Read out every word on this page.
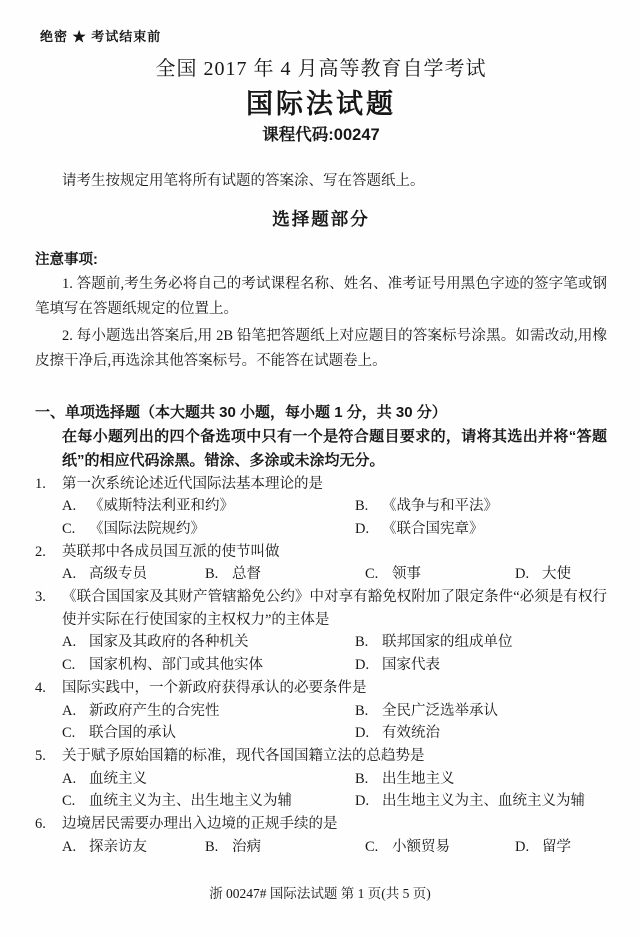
绝密 ★ 考试结束前
全国 2017 年 4 月高等教育自学考试
国际法试题
课程代码:00247

请考生按规定用笔将所有试题的答案涂、写在答题纸上。

选择题部分
注意事项:

1. 答题前,考生务必将自己的考试课程名称、姓名、准考证号用黑色字迹的签字笔或钢笔填写在答题纸规定的位置上。

2. 每小题选出答案后,用 2B 铅笔把答题纸上对应题目的答案标号涂黑。如需改动,用橡皮擦干净后,再选涂其他答案标号。不能答在试题卷上。

一、单项选择题（本大题共 30 小题，每小题 1 分，共 30 分）
在每小题列出的四个备选项中只有一个是符合题目要求的，请将其选出并将“答题纸”的相应代码涂黑。错涂、多涂或未涂均无分。
1. 第一次系统论述近代国际法基本理论的是
A. 《威斯特法利亚和约》	B. 《战争与和平法》
C. 《国际法院规约》	D. 《联合国宪章》
2. 英联邦中各成员国互派的使节叫做
A. 高级专员	B. 总督	C. 领事	D. 大使
3. 《联合国国家及其财产管辖豁免公约》中对享有豁免权附加了限定条件“必须是有权行使并实际在行使国家的主权权力”的主体是
A. 国家及其政府的各种机关	B. 联邦国家的组成单位
C. 国家机构、部门或其他实体	D. 国家代表
4. 国际实践中，一个新政府获得承认的必要条件是
A. 新政府产生的合宪性	B. 全民广泛选举承认
C. 联合国的承认	D. 有效统治
5. 关于赋予原始国籍的标准，现代各国国籍立法的总趋势是
A. 血统主义	B. 出生地主义
C. 血统主义为主、出生地主义为辅	D. 出生地主义为主、血统主义为辅
6. 边境居民需要办理出入边境的正规手续的是
A. 探亲访友	B. 治病	C. 小额贸易	D. 留学
浙 00247# 国际法试题 第 1 页(共 5 页)
